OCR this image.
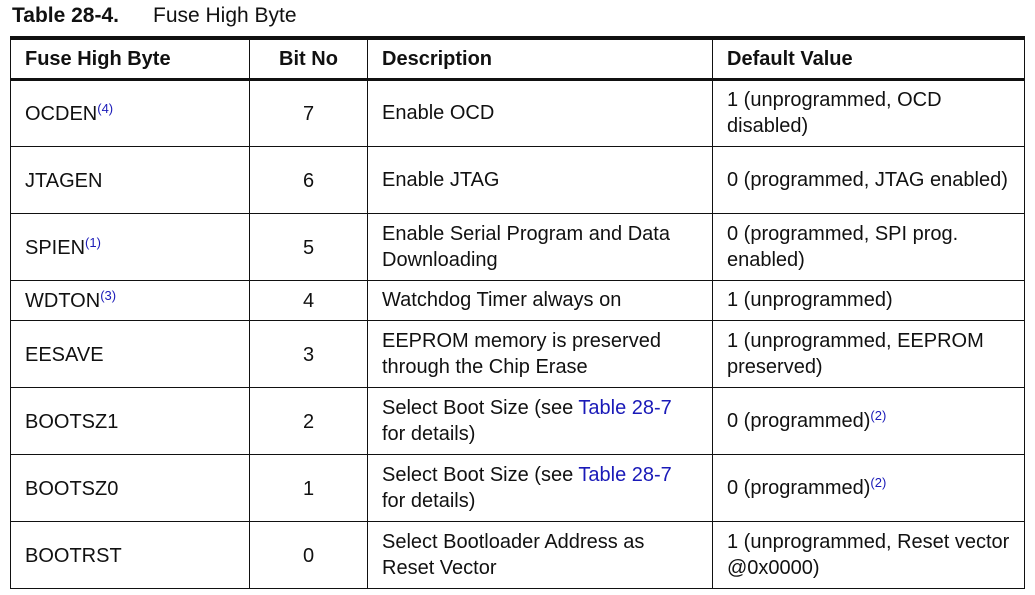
Table 28-4. Fuse High Byte
Fuse High Byte	Bit No	Description	Default Value
OCDEN$^{(4)}$	7	Enable OCD	1 (unprogrammed, OCD disabled)
JTAGEN	6	Enable JTAG	0 (programmed, JTAG enabled)
SPIEN$^{(1)}$	5	Enable Serial Program and Data Downloading	0 (programmed, SPI prog. enabled)
WDTON$^{(3)}$	4	Watchdog Timer always on	1 (unprogrammed)
EESAVE	3	EEPROM memory is preserved through the Chip Erase	1 (unprogrammed, EEPROM preserved)
BOOTSZ1	2	Select Boot Size (see Table 28-7 for details)	0 (programmed)$^{(2)}$
BOOTSZ0	1	Select Boot Size (see Table 28-7 for details)	0 (programmed)$^{(2)}$
BOOTRST	0	Select Bootloader Address as Reset Vector	1 (unprogrammed, Reset vector @0x0000)
